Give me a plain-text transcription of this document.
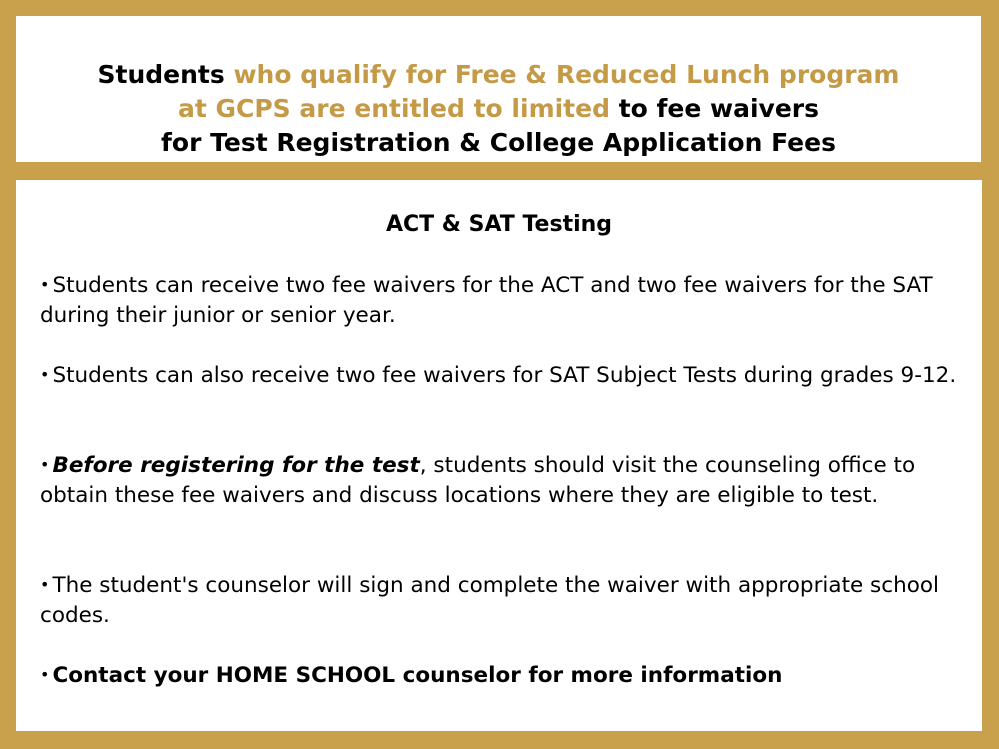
Students who qualify for Free & Reduced Lunch program
at GCPS are entitled to limited to fee waivers
for Test Registration & College Application Fees
ACT & SAT Testing

• Students can receive two fee waivers for the ACT and two fee waivers for the SAT during their junior or senior year.

• Students can also receive two fee waivers for SAT Subject Tests during grades 9-12.

• Before registering for the test, students should visit the counseling office to obtain these fee waivers and discuss locations where they are eligible to test.

• The student's counselor will sign and complete the waiver with appropriate school codes.

• Contact your HOME SCHOOL counselor for more information
